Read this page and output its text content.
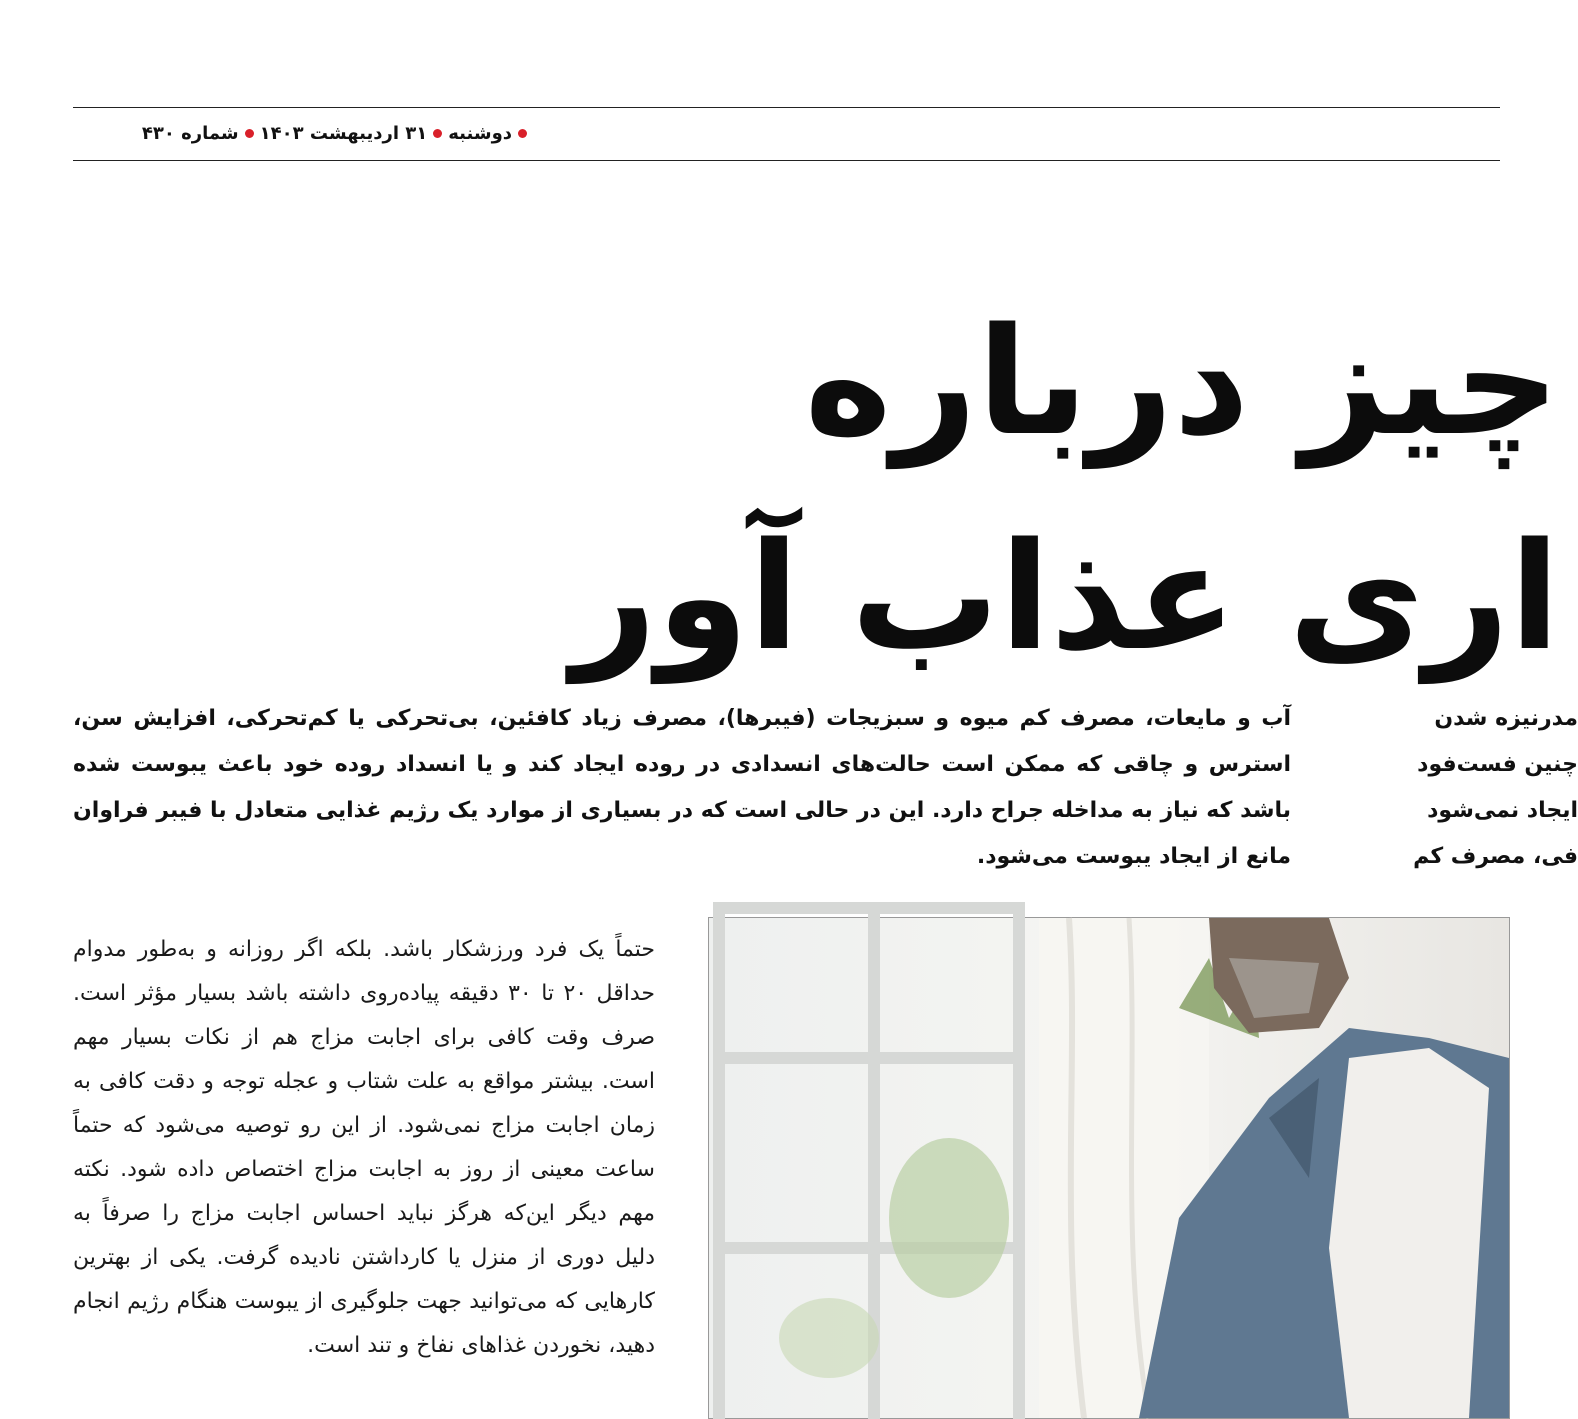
دوشنبه
۳۱ اردیبهشت ۱۴۰۳
شماره ۴۳۰
چیز درباره
اری عذاب آور
مدرنیزه شدن
چنین فست‌فود
ایجاد نمی‌شود
فی، مصرف کم
آب و مایعات، مصرف کم میوه و سبزیجات (فیبرها)، مصرف زیاد کافئین، بی‌تحرکی یا کم‌تحرکی، افزایش سن، استرس و چاقی که ممکن است حالت‌های انسدادی در روده ایجاد کند و یا انسداد روده خود باعث یبوست شده باشد که نیاز به مداخله جراح دارد. این در حالی است که در بسیاری از موارد یک رژیم غذایی متعادل با فیبر فراوان مانع از ایجاد یبوست می‌شود.
حتماً یک فرد ورزشکار باشد. بلکه اگر روزانه و به‌طور مدوام حداقل ۲۰ تا ۳۰ دقیقه پیاده‌روی داشته باشد بسیار مؤثر است. صرف وقت کافی برای اجابت مزاج هم از نکات بسیار مهم است. بیشتر مواقع به علت شتاب و عجله توجه و دقت کافی به زمان اجابت مزاج نمی‌شود. از این رو توصیه می‌شود که حتماً ساعت معینی از روز به اجابت مزاج اختصاص داده شود. نکته مهم دیگر این‌که هرگز نباید احساس اجابت مزاج را صرفاً به دلیل دوری از منزل یا کارداشتن نادیده گرفت. یکی از بهترین کارهایی که می‌توانید جهت جلوگیری از یبوست هنگام رژیم انجام دهید، نخوردن غذاهای نفاخ و تند است.
